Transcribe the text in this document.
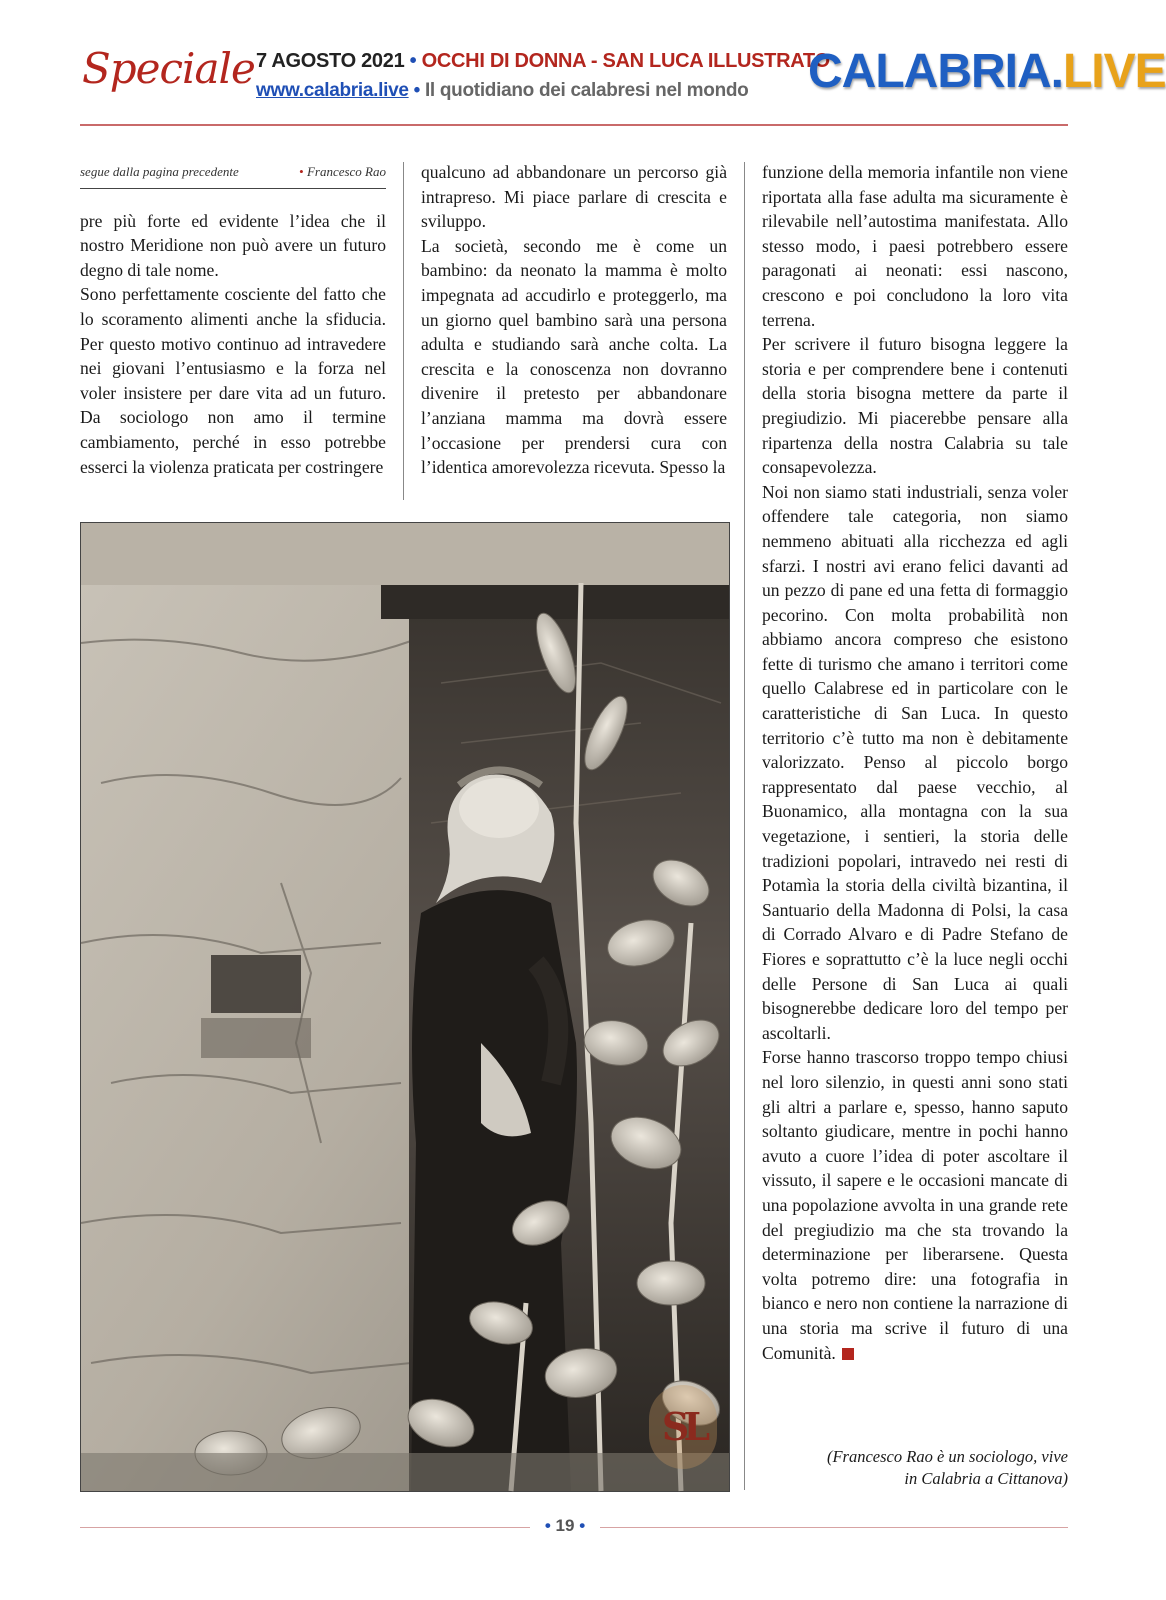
Speciale 7 AGOSTO 2021 • OCCHI DI DONNA - SAN LUCA ILLUSTRATO
www.calabria.live • Il quotidiano dei calabresi nel mondo CALABRIA.LIVE
segue dalla pagina precedente	• Francesco Rao

pre più forte ed evidente l’idea che il nostro Meridione non può avere un futuro degno di tale nome.

Sono perfettamente cosciente del fatto che lo scoramento alimenti anche la sfiducia. Per questo motivo continuo ad intravedere nei giovani l’entusiasmo e la forza nel voler insistere per dare vita ad un futuro. Da sociologo non amo il termine cambiamento, perché in esso potrebbe esserci la violenza praticata per costringere

qualcuno ad abbandonare un percorso già intrapreso. Mi piace parlare di crescita e sviluppo.

La società, secondo me è come un bambino: da neonato la mamma è molto impegnata ad accudirlo e proteggerlo, ma un giorno quel bambino sarà una persona adulta e studiando sarà anche colta. La crescita e la conoscenza non dovranno divenire il pretesto per abbandonare l’anziana mamma ma dovrà essere l’occasione per prendersi cura con l’identica amorevolezza ricevuta. Spesso la

funzione della memoria infantile non viene riportata alla fase adulta ma sicuramente è rilevabile nell’autostima manifestata. Allo stesso modo, i paesi potrebbero essere paragonati ai neonati: essi nascono, crescono e poi concludono la loro vita terrena.

Per scrivere il futuro bisogna leggere la storia e per comprendere bene i contenuti della storia bisogna mettere da parte il pregiudizio. Mi piacerebbe pensare alla ripartenza della nostra Calabria su tale consapevolezza.

Noi non siamo stati industriali, senza voler offendere tale categoria, non siamo nemmeno abituati alla ricchezza ed agli sfarzi. I nostri avi erano felici davanti ad un pezzo di pane ed una fetta di formaggio pecorino. Con molta probabilità non abbiamo ancora compreso che esistono fette di turismo che amano i territori come quello Calabrese ed in particolare con le caratteristiche di San Luca. In questo territorio c’è tutto ma non è debitamente valorizzato. Penso al piccolo borgo rappresentato dal paese vecchio, al Buonamico, alla montagna con la sua vegetazione, i sentieri, la storia delle tradizioni popolari, intravedo nei resti di Potamìa la storia della civiltà bizantina, il Santuario della Madonna di Polsi, la casa di Corrado Alvaro e di Padre Stefano de Fiores e soprattutto c’è la luce negli occhi delle Persone di San Luca ai quali bisognerebbe dedicare loro del tempo per ascoltarli.

Forse hanno trascorso troppo tempo chiusi nel loro silenzio, in questi anni sono stati gli altri a parlare e, spesso, hanno saputo soltanto giudicare, mentre in pochi hanno avuto a cuore l’idea di poter ascoltare il vissuto, il sapere e le occasioni mancate di una popolazione avvolta in una grande rete del pregiudizio ma che sta trovando la determinazione per liberarsene. Questa volta potremo dire: una fotografia in bianco e nero non contiene la narrazione di una storia ma scrive il futuro di una Comunità.

(Francesco Rao è un sociologo, vive
in Calabria a Cittanova)
SL
• 19 •
